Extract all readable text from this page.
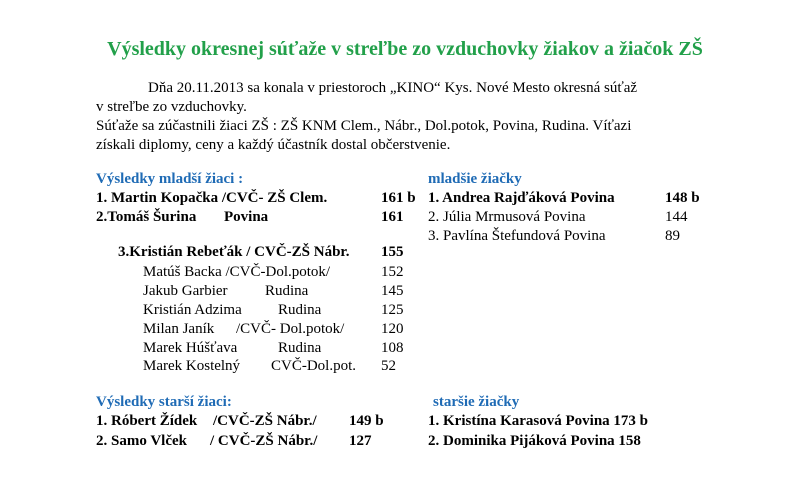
Výsledky okresnej súťaže v streľbe zo vzduchovky žiakov a žiačok ZŠ
Dňa 20.11.2013 sa konala v priestoroch „KINO“ Kys. Nové Mesto okresná súťaž
v streľbe zo vzduchovky.
Súťaže sa zúčastnili žiaci ZŠ : ZŠ KNM Clem., Nábr., Dol.potok, Povina, Rudina. Víťazi
získali diplomy, ceny a každý účastník dostal občerstvenie.
Výsledky mladší žiaci :
1. Martin Kopačka /CVČ- ZŠ Clem.	161 b
2.Tomáš Šurina Povina	161
3.Kristián Rebeťák / CVČ-ZŠ Nábr. 155
Matúš Backa /CVČ-Dol.potok/	152
Jakub Garbier Rudina	145
Kristián Adzima Rudina	125
Milan Janík /CVČ- Dol.potok/ 120
Marek Húšťava	Rudina	108
Marek Kostelný CVČ-Dol.pot. 52
mladšie žiačky
1. Andrea Rajďáková Povina	148 b
2. Júlia Mrmusová Povina	144
3. Pavlína Štefundová Povina	89
Výsledky starší žiaci:
1. Róbert Žídek /CVČ-ZŠ Nábr./ 149 b
2. Samo Vlček / CVČ-ZŠ Nábr./ 127
staršie žiačky
1. Kristína Karasová Povina 173 b
2. Dominika Pijáková Povina 158
